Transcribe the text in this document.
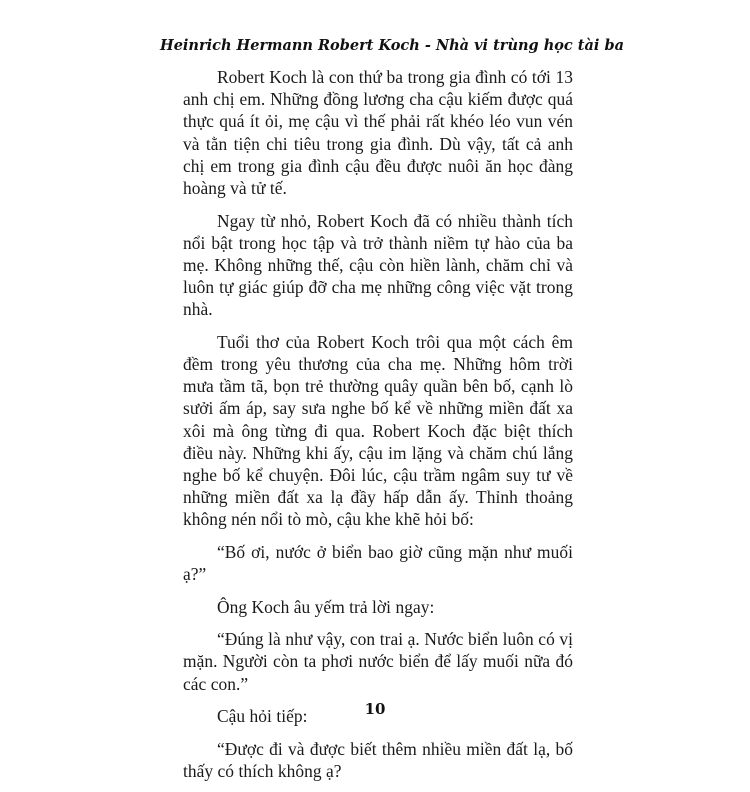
Heinrich Hermann Robert Koch - Nhà vi trùng học tài ba

Robert Koch là con thứ ba trong gia đình có tới 13 anh chị em. Những đồng lương cha cậu kiếm được quá thực quá ít ỏi, mẹ cậu vì thế phải rất khéo léo vun vén và tằn tiện chi tiêu trong gia đình. Dù vậy, tất cả anh chị em trong gia đình cậu đều được nuôi ăn học đàng hoàng và tử tế.

Ngay từ nhỏ, Robert Koch đã có nhiều thành tích nổi bật trong học tập và trở thành niềm tự hào của ba mẹ. Không những thế, cậu còn hiền lành, chăm chỉ và luôn tự giác giúp đỡ cha mẹ những công việc vặt trong nhà.

Tuổi thơ của Robert Koch trôi qua một cách êm đềm trong yêu thương của cha mẹ. Những hôm trời mưa tầm tã, bọn trẻ thường quây quần bên bố, cạnh lò sưởi ấm áp, say sưa nghe bố kể về những miền đất xa xôi mà ông từng đi qua. Robert Koch đặc biệt thích điều này. Những khi ấy, cậu im lặng và chăm chú lắng nghe bố kể chuyện. Đôi lúc, cậu trầm ngâm suy tư về những miền đất xa lạ đầy hấp dẫn ấy. Thỉnh thoảng không nén nổi tò mò, cậu khe khẽ hỏi bố:

“Bố ơi, nước ở biển bao giờ cũng mặn như muối ạ?”

Ông Koch âu yếm trả lời ngay:

“Đúng là như vậy, con trai ạ. Nước biển luôn có vị mặn. Người còn ta phơi nước biển để lấy muối nữa đó các con.”

Cậu hỏi tiếp:

“Được đi và được biết thêm nhiều miền đất lạ, bố thấy có thích không ạ?

10
